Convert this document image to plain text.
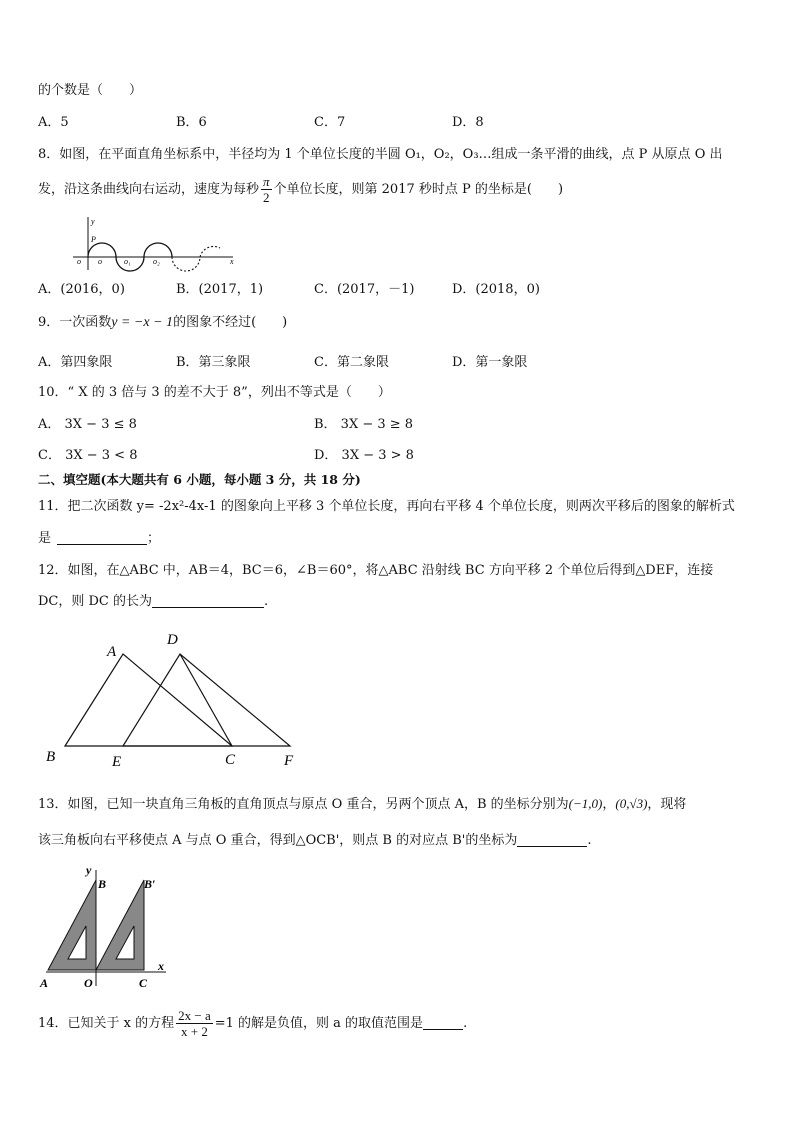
的个数是（　　）
A．5	B．6	C．7	D．8
8．如图，在平面直角坐标系中，半径均为 1 个单位长度的半圆 O₁，O₂，O₃…组成一条平滑的曲线，点 P 从原点 O 出
发，沿这条曲线向右运动，速度为每秒 $\frac{\pi}{2}$ 个单位长度，则第 2017 秒时点 P 的坐标是(　　)
y
x
o
P
o	o₁	o₂
A．(2016，0)	B．(2017，1)	C．(2017，－1)	D．(2018，0)
9．一次函数y = −x − 1的图象不经过(　　)
A．第四象限	B．第三象限	C．第二象限	D．第一象限
10．“ X 的 3 倍与 3 的差不大于 8”，列出不等式是（　　）
A． 3X − 3 ≤ 8	B． 3X − 3 ≥ 8
C． 3X − 3 < 8	D． 3X − 3 > 8
二、填空题(本大题共有 6 小题，每小题 3 分，共 18 分)
11．把二次函数 y= -2x²-4x-1 的图象向上平移 3 个单位长度，再向右平移 4 个单位长度，则两次平移后的图象的解析式
是	；
12．如图，在△ABC 中，AB＝4，BC＝6，∠B＝60°，将△ABC 沿射线 BC 方向平移 2 个单位后得到△DEF，连接
DC，则 DC 的长为	.
A
D
B	E	C	F
13．如图，已知一块直角三角板的直角顶点与原点 O 重合，另两个顶点 A，B 的坐标分别为(−1,0)，(0,√3)，现将
该三角板向右平移使点 A 与点 O 重合，得到△OCB'，则点 B 的对应点 B'的坐标为	.
y
x
B	B′
A	O	C
14．已知关于 x 的方程 $\frac{2x - a}{x + 2} =1$ 的解是负值，则 a 的取值范围是	.
